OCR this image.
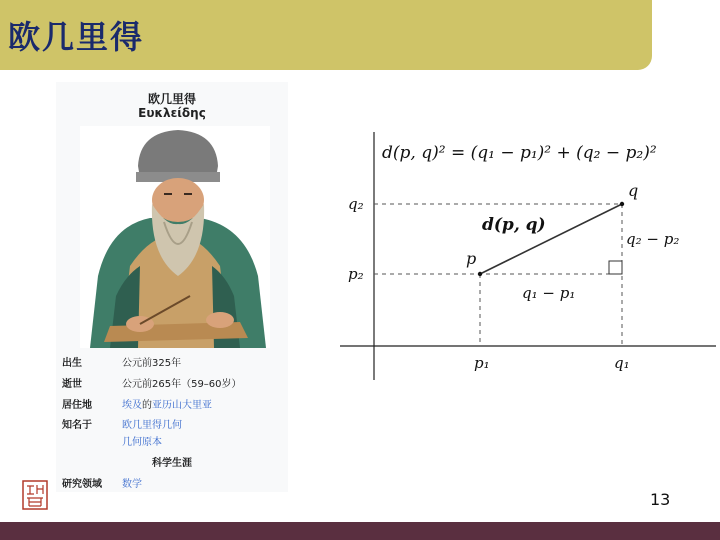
欧几里得
欧几里得
Ευκλείδης
出生	公元前325年
逝世	公元前265年（59–60岁）
居住地	埃及的亚历山大里亚
知名于	欧几里得几何
几何原本
科学生涯
研究领域 数学
d(p, q)² = (q₁ − p₁)² + (q₂ − p₂)²
q₂
p₂
p₁	q₁
p
q
d(p, q)
q₁ − p₁
q₂ − p₂
13
